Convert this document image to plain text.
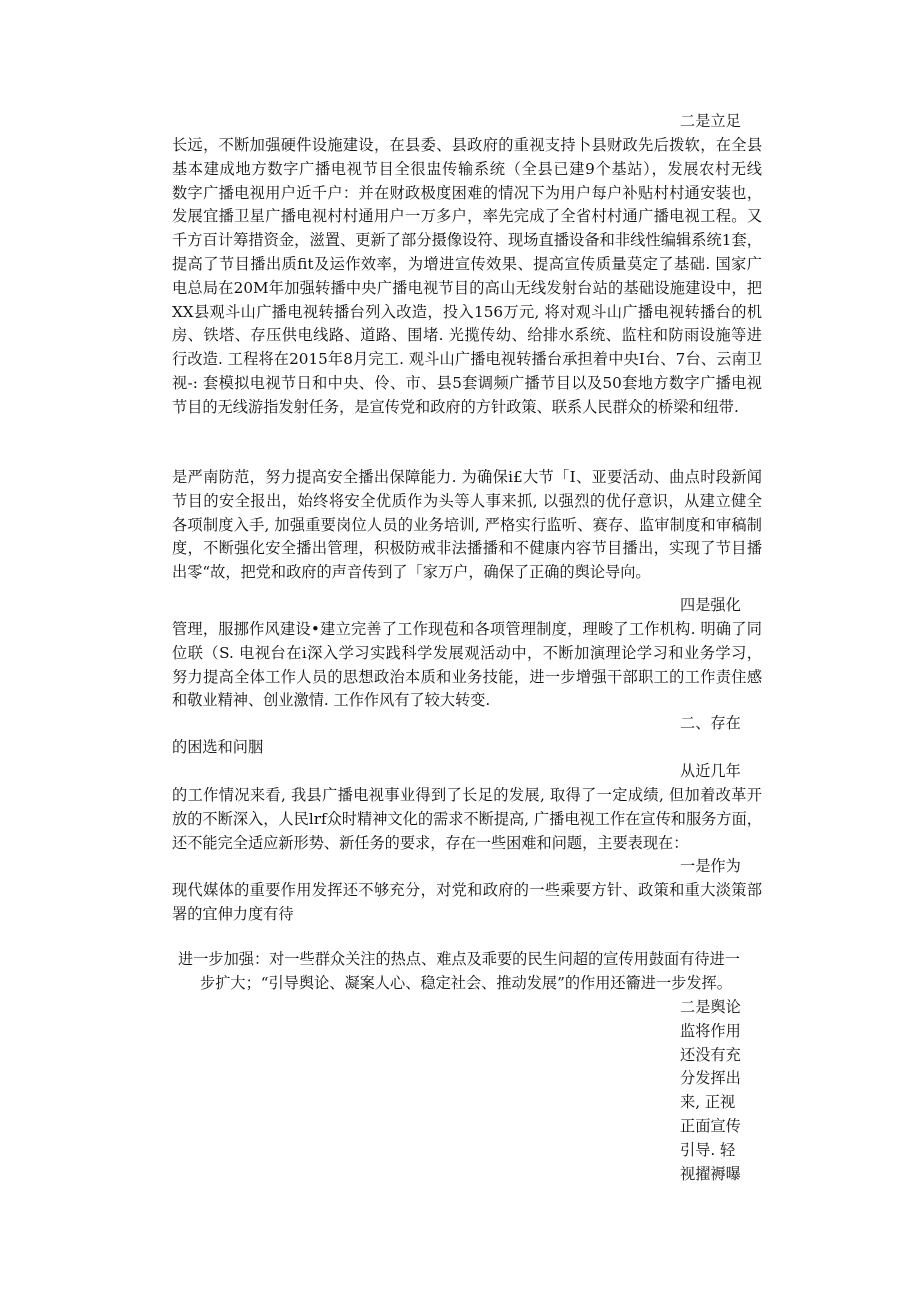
二是立足

长远，不断加强硬件设施建设，在县委、县政府的重视支持卜县财政先后拨软，在全县
基本建成地方数字广播电视节目全很盅传输系统（全县已建9个基站），发展农村无线
数字广播电视用户近千户：并在财政极度困难的情况下为用户每户补贴村村通安装也，
发展宜播卫星广播电视村村通用户一万多户，率先完成了全省村村通广播电视工程。又
千方百计筹措资金，滋置、更新了部分摄像设符、现场直播设备和非线性编辑系统1套，
提高了节目播出质fit及运作效率，为增进宣传效果、提高宣传质量莫定了基础. 国家广
电总局在20M年加强转播中央广播电视节目的高山无线发射台站的基础设施建设中，把
XX县观斗山广播电视转播台列入改造，投入156万元, 将对观斗山广播电视转播台的机
房、铁塔、存压供电线路、道路、围堵. 光揽传幼、给排水系统、监柱和防雨设施等进
行改造. 工程将在2015年8月完工. 观斗山广播电视转播台承担着中央I台、7台、云南卫
视-: 套模拟电视节日和中央、伶、市、县5套调频广播节目以及50套地方数字广播电视
节目的无线游指发射任务，是宣传党和政府的方针政策、联系人民群众的桥梁和纽带.
是严南防范，努力提高安全播出保障能力. 为确保i£大节「I、亚要活动、曲点时段新闻
节目的安全报出，始终将安全优质作为头等人事来抓, 以强烈的优仔意识，从建立健全
各项制度入手, 加强重要岗位人员的业务培训, 严格实行监听、赛存、监审制度和审稿制
度，不断强化安全播出管理，积极防戒非法播播和不健康内容节目播出，实现了节目播
出零“故，把党和政府的声音传到了「家万户，确保了正确的舆论导向。

四是强化

管理，服挪作风建设•建立完善了工作现苞和各项管理制度，理畯了工作机构. 明确了同
位联（S. 电视台在i深入学习实践科学发展观活动中，不断加演理论学习和业务学习，
努力提高全体工作人员的思想政治本质和业务技能，进一步增强干部职工的工作责住感
和敬业精神、创业激情. 工作作风有了较大转变.

二、存在

的困选和问胭

从近几年

的工作情况来看, 我县广播电视事业得到了长足的发展, 取得了一定成绩, 但加着改革开
放的不断深入，人民lrf众时精神文化的需求不断提高, 广播电视工作在宣传和服务方面，
还不能完全适应新形势、新任务的要求，存在一些困难和问题，主要表现在：

一是作为

现代媒体的重要作用发挥还不够充分，对党和政府的一些乘要方针、政策和重大淡策部
署的宜伸力度有待

进一步加强：对一些群众关注的热点、难点及乖要的民生问超的宣传用鼓面有待进一

步扩大；“引导舆论、凝案人心、稳定社会、推动发展”的作用还籥进一步发挥。

二是舆论
监将作用
还没有充
分发挥出
来, 正视
正面宣传
引导. 轻
视擢褥曝
